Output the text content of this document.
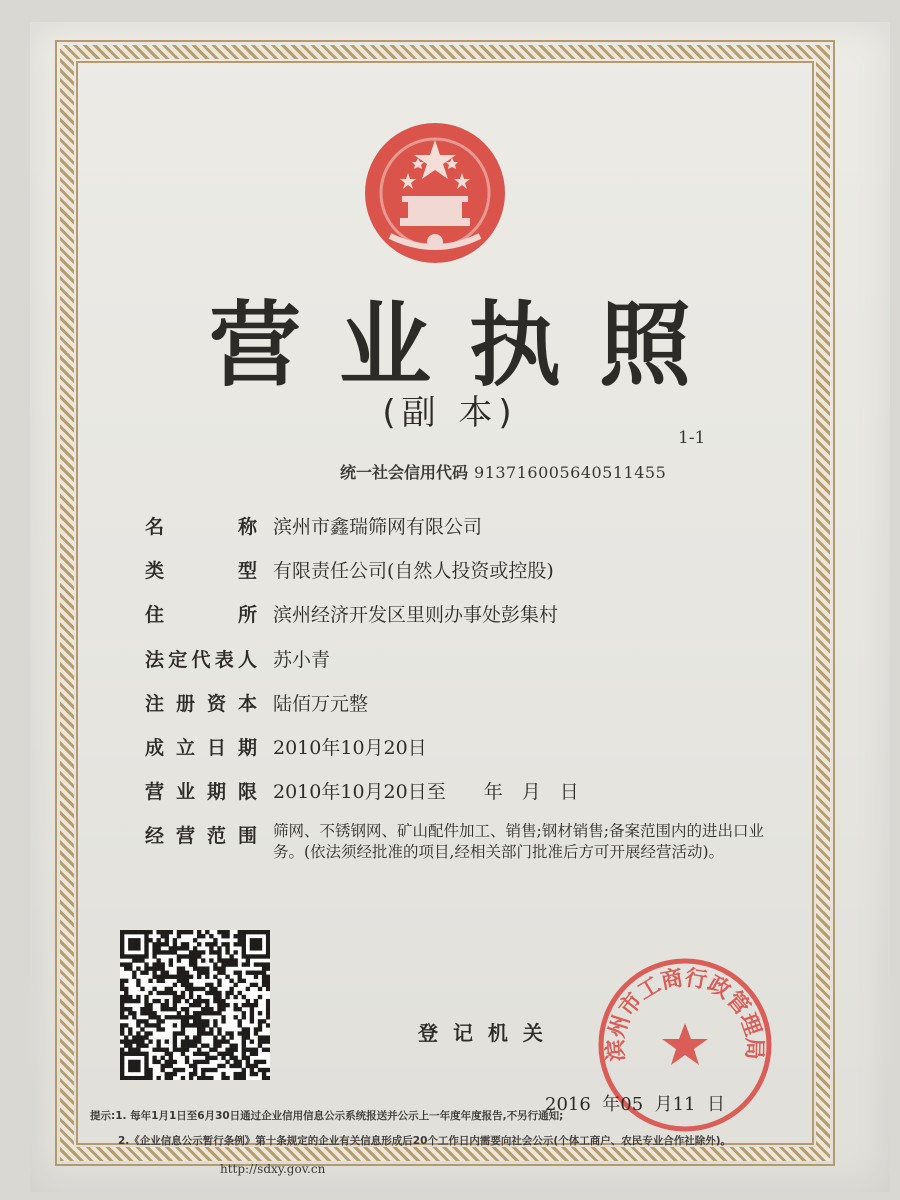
营业执照
(副 本)
1-1
统一社会信用代码 913716005640511455
名 称 滨州市鑫瑞筛网有限公司
类 型 有限责任公司(自然人投资或控股)
住 所 滨州经济开发区里则办事处彭集村
法定代表人 苏小青
注册资本 陆佰万元整
成立日期 2010年10月20日
营业期限 2010年10月20日至　　年　月　日
经营范围 筛网、不锈钢网、矿山配件加工、销售;钢材销售;备案范围内的进出口业务。(依法须经批准的项目,经相关部门批准后方可开展经营活动)。
登 记 机 关
滨州市工商行政管理局
2016  年05  月11  日
提示:1. 每年1月1日至6月30日通过企业信用信息公示系统报送并公示上一年度年度报告,不另行通知;
2.《企业信息公示暂行条例》第十条规定的企业有关信息形成后20个工作日内需要向社会公示(个体工商户、农民专业合作社除外)。
http://sdxy.gov.cn
